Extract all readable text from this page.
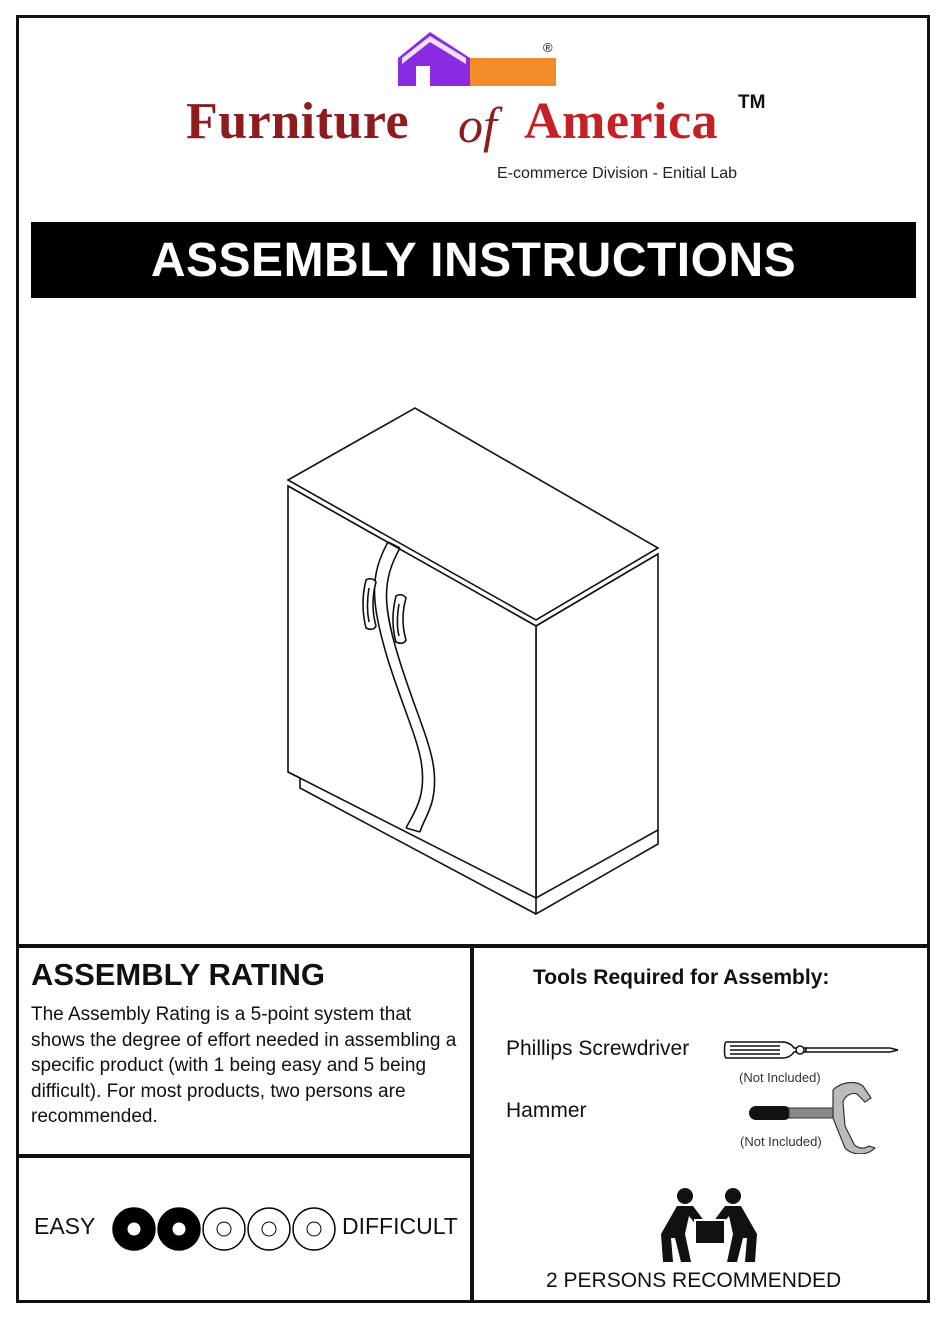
®
Furniture of America TM
E-commerce Division - Enitial Lab
ASSEMBLY INSTRUCTIONS
ASSEMBLY RATING
The Assembly Rating is a 5-point system that shows the degree of effort needed in assembling a specific product (with 1 being easy and 5 being difficult). For most products, two persons are recommended.
EASY	DIFFICULT
Tools Required for Assembly:
Phillips Screwdriver
Hammer
(Not Included)
(Not Included)
2 PERSONS RECOMMENDED
